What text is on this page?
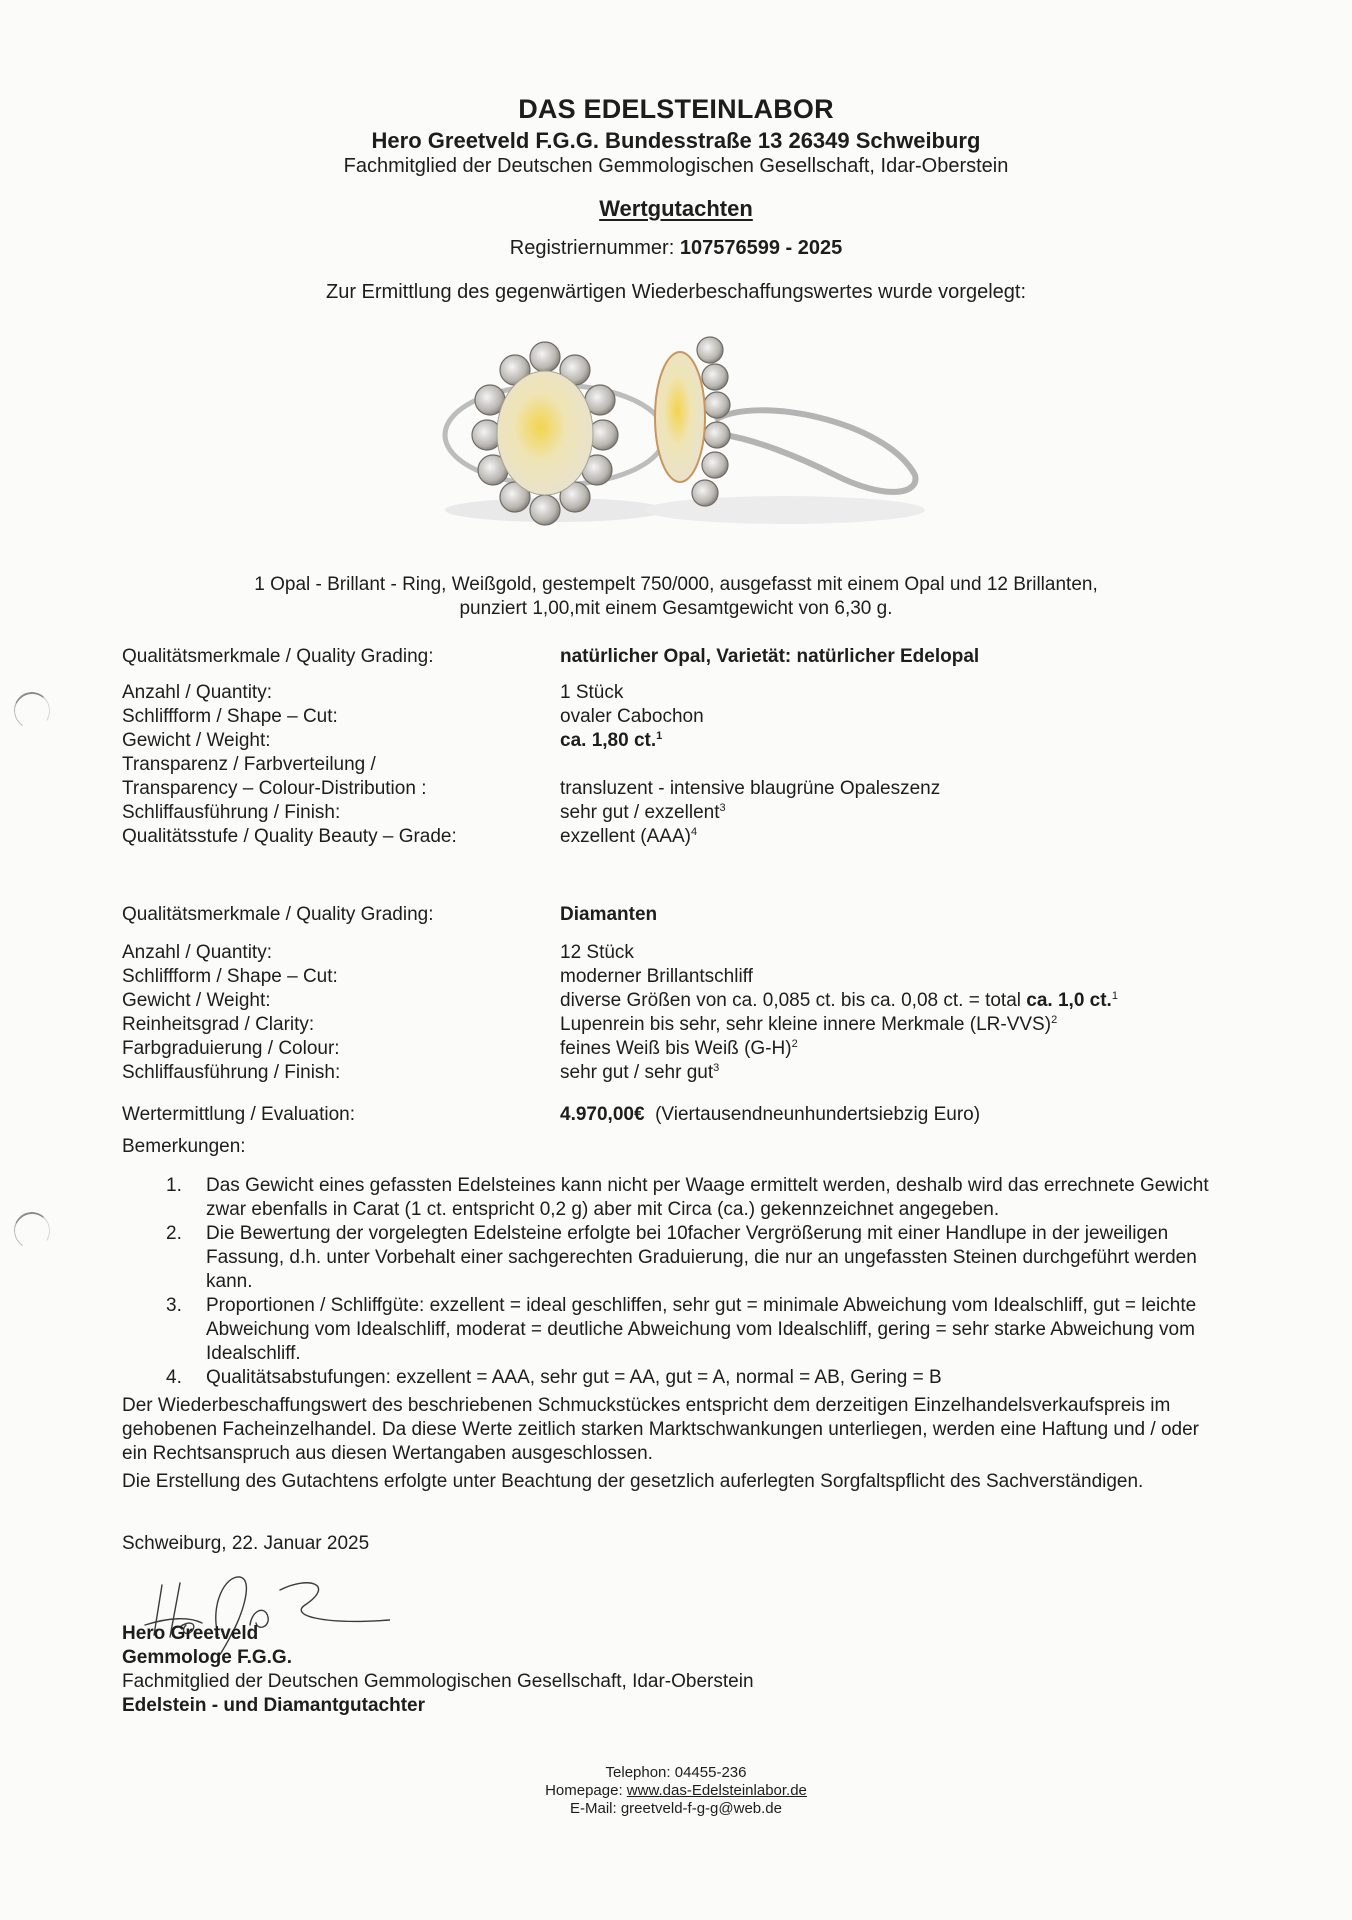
DAS EDELSTEINLABOR
Hero Greetveld F.G.G. Bundesstraße 13 26349 Schweiburg
Fachmitglied der Deutschen Gemmologischen Gesellschaft, Idar-Oberstein
Wertgutachten
Registriernummer: 107576599 - 2025
Zur Ermittlung des gegenwärtigen Wiederbeschaffungswertes wurde vorgelegt:
1 Opal - Brillant - Ring, Weißgold, gestempelt 750/000, ausgefasst mit einem Opal und 12 Brillanten,
punziert 1,00,mit einem Gesamtgewicht von 6,30 g.
Qualitätsmerkmale / Quality Grading:	natürlicher Opal, Varietät: natürlicher Edelopal
Anzahl / Quantity:	1 Stück
Schliffform / Shape – Cut:	ovaler Cabochon
Gewicht / Weight:	ca. 1,80 ct.$^1$
Transparenz / Farbverteilung /
Transparency – Colour-Distribution :	transluzent - intensive blaugrüne Opaleszenz
Schliffausführung / Finish:	sehr gut / exzellent$^3$
Qualitätsstufe / Quality Beauty – Grade:	exzellent (AAA)$^4$
Qualitätsmerkmale / Quality Grading:	Diamanten
Anzahl / Quantity:	12 Stück
Schliffform / Shape – Cut:	moderner Brillantschliff
Gewicht / Weight:	diverse Größen von ca. 0,085 ct. bis ca. 0,08 ct. = total ca. 1,0 ct.$^1$
Reinheitsgrad / Clarity:	Lupenrein bis sehr, sehr kleine innere Merkmale $(LR-VVS)^2$
Farbgraduierung / Colour:	feines Weiß bis Weiß $(G-H)^2$
Schliffausführung / Finish:	sehr gut / sehr gut$^3$
Wertermittlung / Evaluation:	4.970,00€ (Viertausendneunhundertsiebzig Euro)
Bemerkungen:
1. Das Gewicht eines gefassten Edelsteines kann nicht per Waage ermittelt werden, deshalb wird das errechnete Gewicht zwar ebenfalls in Carat (1 ct. entspricht 0,2 g) aber mit Circa (ca.) gekennzeichnet angegeben.
2. Die Bewertung der vorgelegten Edelsteine erfolgte bei 10facher Vergrößerung mit einer Handlupe in der jeweiligen Fassung, d.h. unter Vorbehalt einer sachgerechten Graduierung, die nur an ungefassten Steinen durchgeführt werden kann.
3. Proportionen / Schliffgüte: exzellent = ideal geschliffen, sehr gut = minimale Abweichung vom Idealschliff, gut = leichte Abweichung vom Idealschliff, moderat = deutliche Abweichung vom Idealschliff, gering = sehr starke Abweichung vom Idealschliff.
4. Qualitätsabstufungen: exzellent = AAA, sehr gut = AA, gut = A, normal = AB, Gering = B
Der Wiederbeschaffungswert des beschriebenen Schmuckstückes entspricht dem derzeitigen Einzelhandelsverkaufspreis im gehobenen Facheinzelhandel. Da diese Werte zeitlich starken Marktschwankungen unterliegen, werden eine Haftung und / oder ein Rechtsanspruch aus diesen Wertangaben ausgeschlossen.
Die Erstellung des Gutachtens erfolgte unter Beachtung der gesetzlich auferlegten Sorgfaltspflicht des Sachverständigen.
Schweiburg, 22. Januar 2025
Hero Greetveld
Gemmologe F.G.G.
Fachmitglied der Deutschen Gemmologischen Gesellschaft, Idar-Oberstein
Edelstein - und Diamantgutachter
Telephon: 04455-236
Homepage: www.das-Edelsteinlabor.de
E-Mail: greetveld-f-g-g@web.de
